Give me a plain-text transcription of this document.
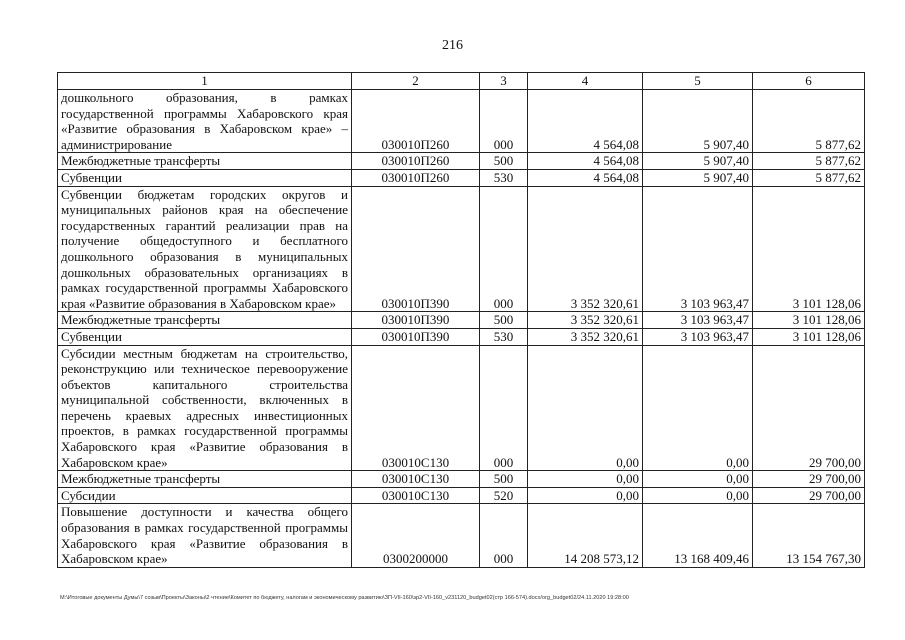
216
1	2	3	4	5	6
дошкольного образования, в рамках государственной программы Хабаровского края «Развитие образования в Хабаровском крае» – администрирование	030010П260	000	4 564,08	5 907,40	5 877,62
Межбюджетные трансферты	030010П260	500	4 564,08	5 907,40	5 877,62
Субвенции	030010П260	530	4 564,08	5 907,40	5 877,62
Субвенции бюджетам городских округов и муниципальных районов края на обеспечение государственных гарантий реализации прав на получение общедоступного и бесплатного дошкольного образования в муниципальных дошкольных образовательных организациях в рамках государственной программы Хабаровского края «Развитие образования в Хабаровском крае»	030010П390	000	3 352 320,61	3 103 963,47	3 101 128,06
Межбюджетные трансферты	030010П390	500	3 352 320,61	3 103 963,47	3 101 128,06
Субвенции	030010П390	530	3 352 320,61	3 103 963,47	3 101 128,06
Субсидии местным бюджетам на строительство, реконструкцию или техническое перевооружение объектов капитального строительства муниципальной собственности, включенных в перечень краевых адресных инвестиционных проектов, в рамках государственной программы Хабаровского края «Развитие образования в Хабаровском крае»	030010С130	000	0,00	0,00	29 700,00
Межбюджетные трансферты	030010С130	500	0,00	0,00	29 700,00
Субсидии	030010С130	520	0,00	0,00	29 700,00
Повышение доступности и качества общего образования в рамках государственной программы Хабаровского края «Развитие образования в Хабаровском крае»	0300200000	000	14 208 573,12	13 168 409,46	13 154 767,30
M:\Итоговые документы Думы\7 созыв\Проекты\Законы\2 чтение\Комитет по бюджету, налогам и экономическому развитию\ЗП-VII-160\зр2-VII-160_v231120_budget02(стр 166-574).docx/org_budget02/24.11.2020 19:28:00
